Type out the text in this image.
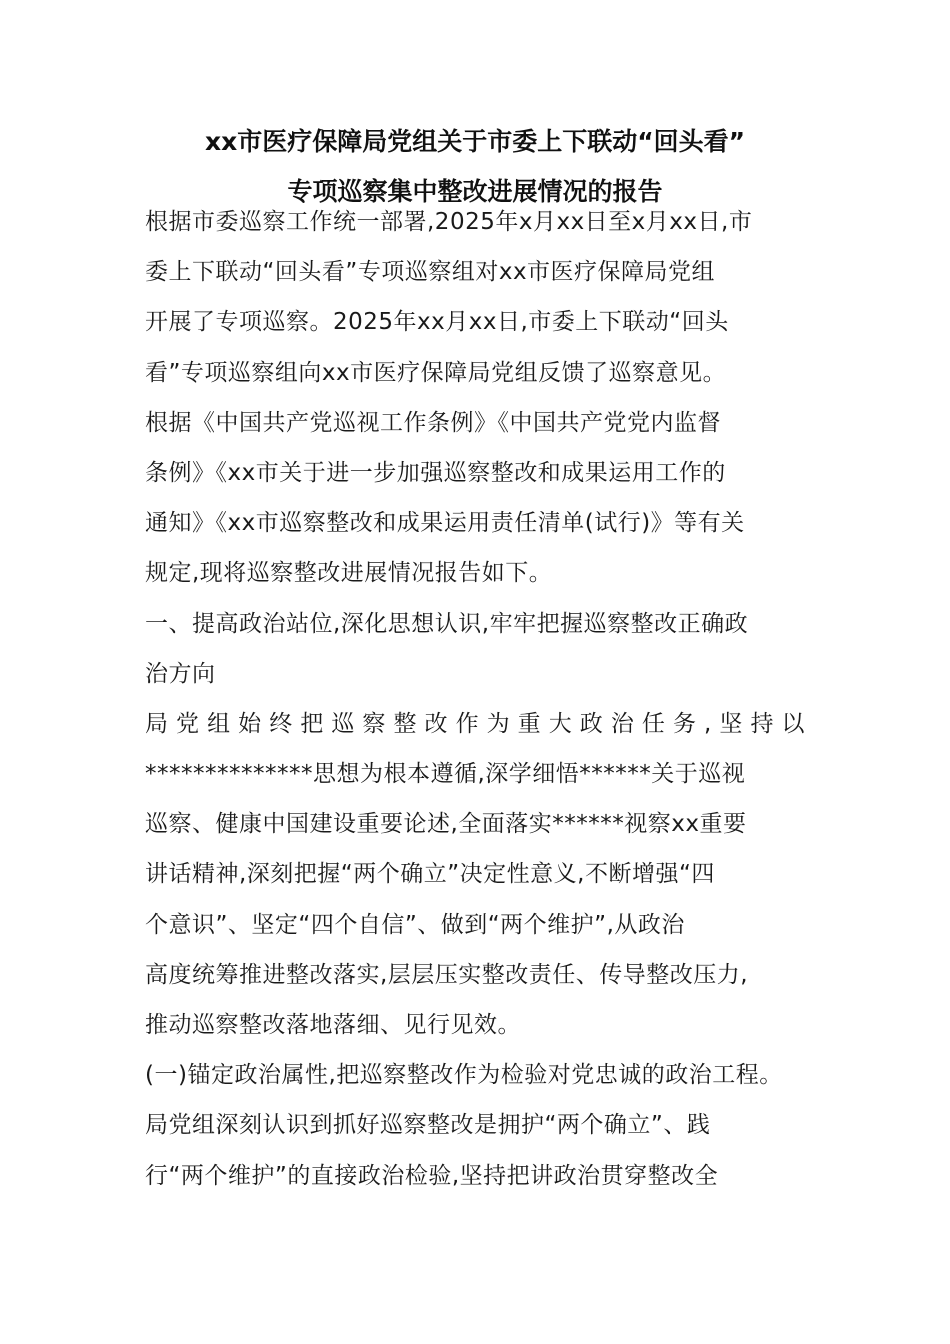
xx市医疗保障局党组关于市委上下联动“回头看”
专项巡察集中整改进展情况的报告
根据市委巡察工作统一部署,2025年x月xx日至x月xx日,市
委上下联动“回头看”专项巡察组对xx市医疗保障局党组
开展了专项巡察。2025年xx月xx日,市委上下联动“回头
看”专项巡察组向xx市医疗保障局党组反馈了巡察意见。
根据《中国共产党巡视工作条例》《中国共产党党内监督
条例》《xx市关于进一步加强巡察整改和成果运用工作的
通知》《xx市巡察整改和成果运用责任清单(试行)》等有关
规定,现将巡察整改进展情况报告如下。
一、提高政治站位,深化思想认识,牢牢把握巡察整改正确政
治方向
局党组始终把巡察整改作为重大政治任务,坚持以
**************思想为根本遵循,深学细悟******关于巡视
巡察、健康中国建设重要论述,全面落实******视察xx重要
讲话精神,深刻把握“两个确立”决定性意义,不断增强“四
个意识”、坚定“四个自信”、做到“两个维护”,从政治
高度统筹推进整改落实,层层压实整改责任、传导整改压力,
推动巡察整改落地落细、见行见效。
(一)锚定政治属性,把巡察整改作为检验对党忠诚的政治工程。
局党组深刻认识到抓好巡察整改是拥护“两个确立”、践
行“两个维护”的直接政治检验,坚持把讲政治贯穿整改全
